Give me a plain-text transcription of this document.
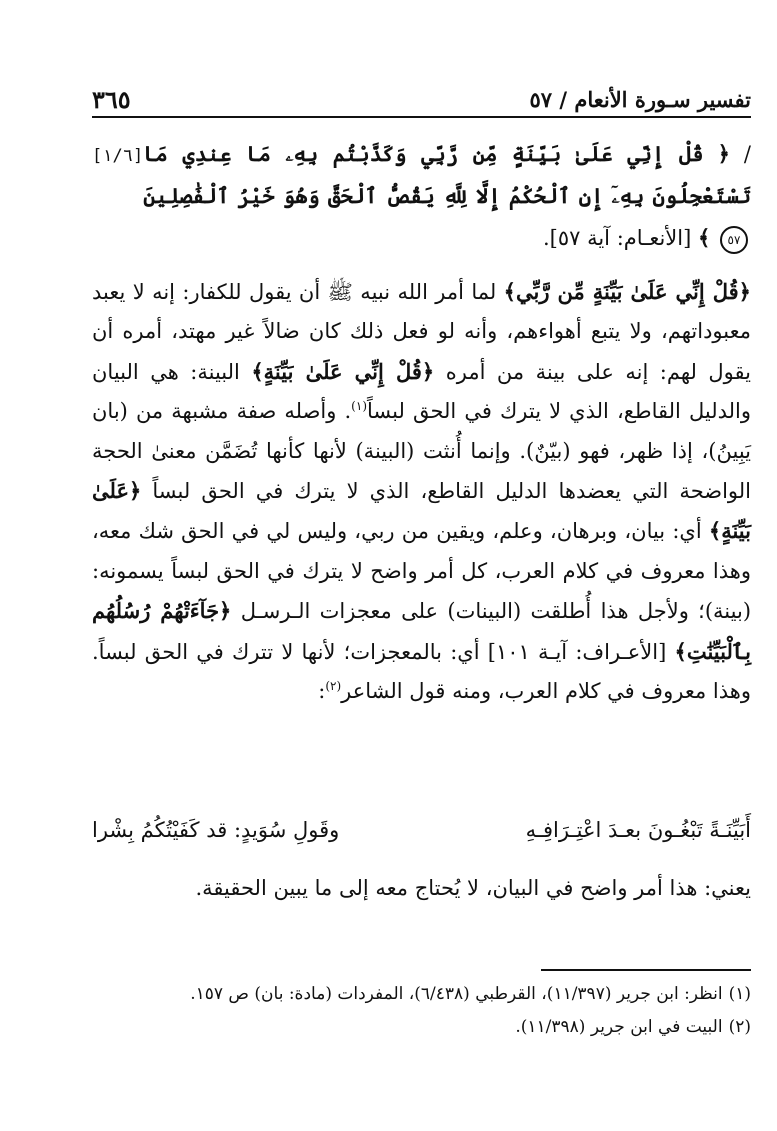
تفسير سـورة الأنعام / ٥٧
٣٦٥
[١/٦]	/ ﴿ قُلْ إِنِّي عَلَىٰ بَيِّنَةٍ مِّن رَّبِّي وَكَذَّبْتُم بِهِۦ مَا عِندِي مَا تَسْتَعْجِلُونَ بِهِۦٓ إِنِ ٱلْحُكْمُ إِلَّا لِلَّهِ يَقُصُّ ٱلْحَقَّ وَهُوَ خَيْرُ ٱلْفَٰصِلِينَ ٥٧ ﴾ [الأنعـام: آية ٥٧].

﴿قُلْ إِنِّي عَلَىٰ بَيِّنَةٍ مِّن رَّبِّي﴾ لما أمر الله نبيه ﷺ أن يقول للكفار: إنه لا يعبد معبوداتهم، ولا يتبع أهواءهم، وأنه لو فعل ذلك كان ضالاً غير مهتد، أمره أن يقول لهم: إنه على بينة من أمره ﴿قُلْ إِنِّي عَلَىٰ بَيِّنَةٍ﴾ البينة: هي البيان والدليل القاطع، الذي لا يترك في الحق لبساً$^{(١)}$. وأصله صفة مشبهة من (بان يَبِينُ)، إذا ظهر، فهو (بيّنٌ). وإنما أُنثت (البينة) لأنها كأنها تُضَمَّن معنىٰ الحجة الواضحة التي يعضدها الدليل القاطع، الذي لا يترك في الحق لبساً ﴿عَلَىٰ بَيِّنَةٍ﴾ أي: بيان، وبرهان، وعلم، ويقين من ربي، وليس لي في الحق شك معه، وهذا معروف في كلام العرب، كل أمر واضح لا يترك في الحق لبساً يسمونه: (بينة)؛ ولأجل هذا أُطلقت (البينات) على معجزات الـرسـل ﴿جَآءَتْهُمْ رُسُلُهُم بِٱلْبَيِّنَٰتِ﴾ [الأعـراف: آيـة ١٠١] أي: بالمعجزات؛ لأنها لا تترك في الحق لبساً. وهذا معروف في كلام العرب، ومنه قول الشاعر$^{(٢)}$:

أَبَيِّنَـةً تَبْغُـونَ بعـدَ اعْتِـرَافِـهِ
وقَولِ سُوَيدٍ: قد كَفَيْتُكُمُ بِشْرا

يعني: هذا أمر واضح في البيان، لا يُحتاج معه إلى ما يبين الحقيقة.

(١)انظر: ابن جرير (١١/٣٩٧)، القرطبي (٦/٤٣٨)، المفردات (مادة: بان) ص ١٥٧.

(٢)البيت في ابن جرير (١١/٣٩٨).
